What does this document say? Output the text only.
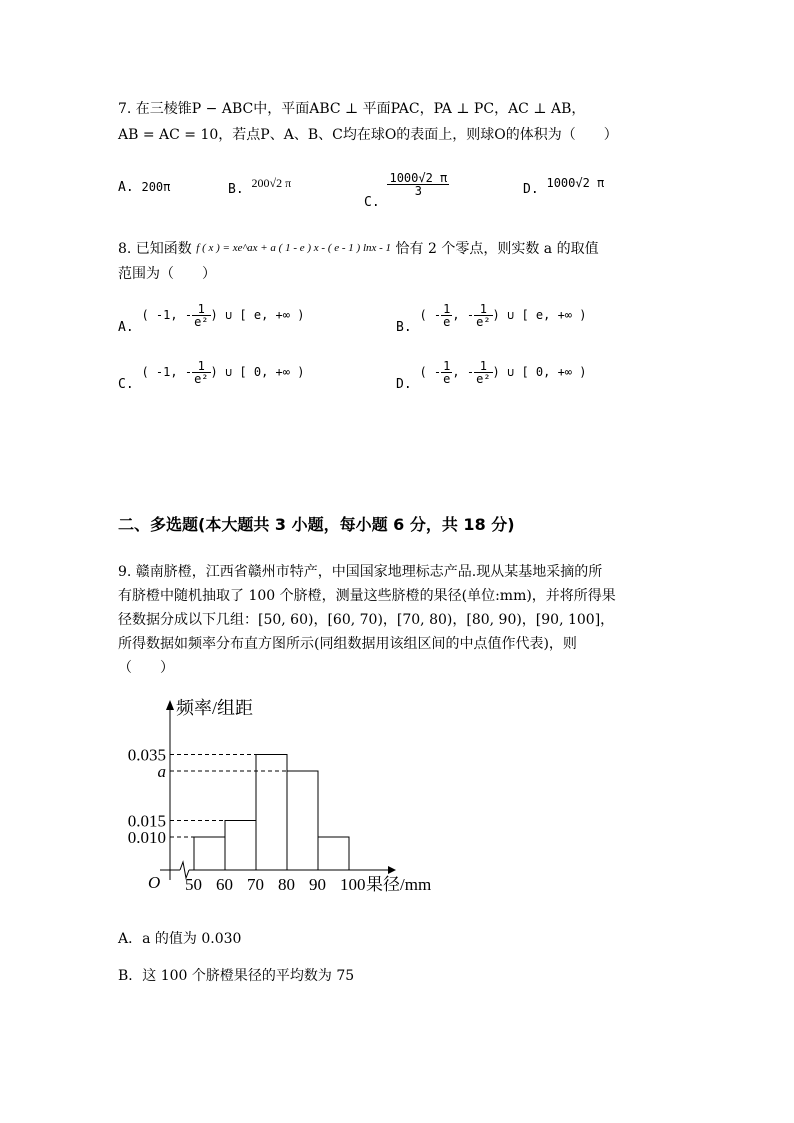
7. 在三棱锥P − ABC中，平面ABC ⊥ 平面PAC，PA ⊥ PC，AC ⊥ AB，
AB = AC = 10，若点P、A、B、C均在球O的表面上，则球O的体积为（　　）
A. 200π	B. 200√2 π
C.
$\frac{1000√2 \pi}{3}$	D. 1000√2 π
8. 已知函数 f ( x ) = xe^ax + a ( 1 - e ) x - ( e - 1 ) lnx - 1 恰有 2 个零点，则实数 a 的取值
范围为（　　）
A. ( -1, - $\frac{1}{\text{e²}}$ ) ∪ [ e, +∞ )
B. ( - $\frac{1}{e}$ , - $\frac{1}{\text{e²}}$ ) ∪ [ e, +∞ )
C. ( -1, - $\frac{1}{\text{e²}}$ ) ∪ [ 0, +∞ )
D. ( - $\frac{1}{e}$ , - $\frac{1}{\text{e²}}$ ) ∪ [ 0, +∞ )
二、多选题(本大题共 3 小题，每小题 6 分，共 18 分)
9. 赣南脐橙，江西省赣州市特产，中国国家地理标志产品.现从某基地采摘的所
有脐橙中随机抽取了 100 个脐橙，测量这些脐橙的果径(单位:mm)，并将所得果
径数据分成以下几组：[50, 60)，[60, 70)，[70, 80)，[80, 90)，[90, 100]，
所得数据如频率分布直方图所示(同组数据用该组区间的中点值作代表)，则
（　　）
频率/组距
O
0.035
a
0.015
0.010
50 60 70 80 90 100 果径/mm
A．a 的值为 0.030
B．这 100 个脐橙果径的平均数为 75
